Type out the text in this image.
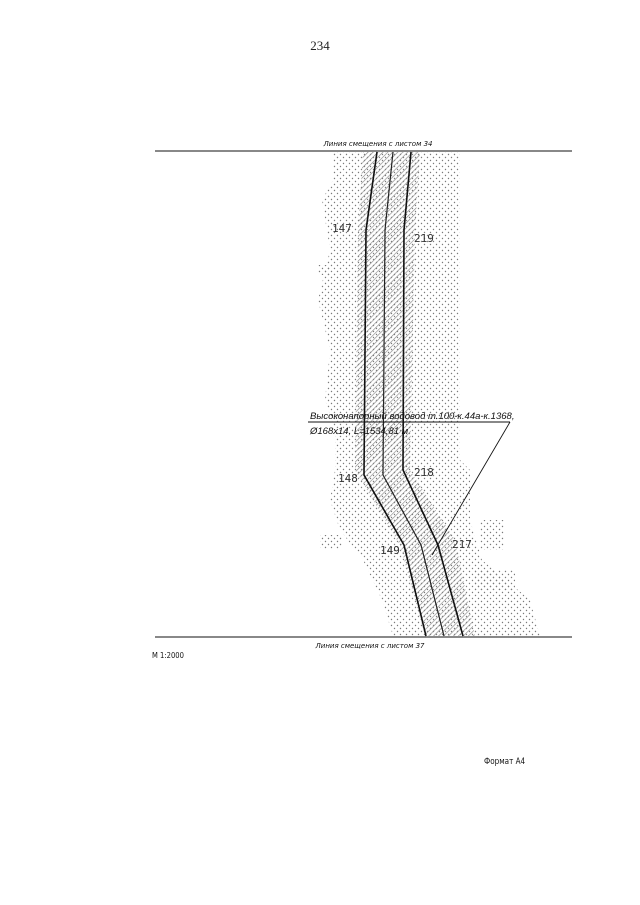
234
Линия смещения с листом 34
Линия смещения с листом 37
147
219
148	218
149	217
Высоконапорный водовод т.100-к.44а-к.1368,
Ø168х14, L=1534,81 м
М 1:2000
Формат А4
